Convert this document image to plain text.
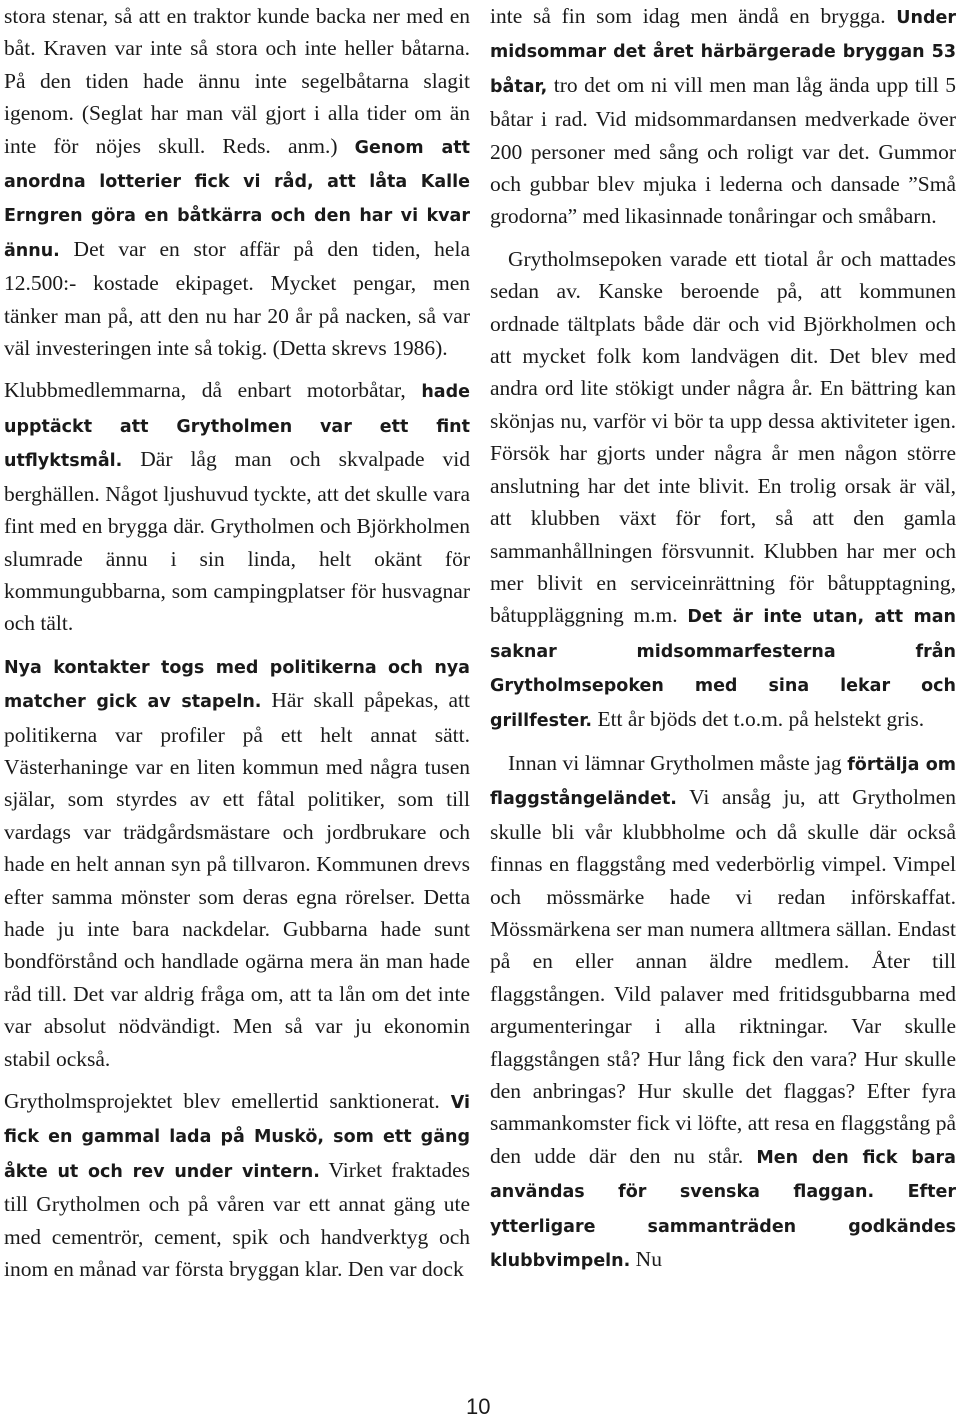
stora stenar, så att en traktor kunde backa ner med en båt. Kraven var inte så stora och inte heller båtarna. På den tiden hade ännu inte segelbåtarna slagit igenom. (Seglat har man väl gjort i alla tider om än inte för nöjes skull. Reds. anm.) Genom att anordna lotterier fick vi råd, att låta Kalle Erngren göra en båtkärra och den har vi kvar ännu. Det var en stor affär på den tiden, hela 12.500:- kostade ekipaget. Mycket pengar, men tänker man på, att den nu har 20 år på nacken, så var väl investeringen inte så tokig. (Detta skrevs 1986).

Klubbmedlemmarna, då enbart motorbåtar, hade upptäckt att Grytholmen var ett fint utflyktsmål. Där låg man och skvalpade vid berghällen. Något ljushuvud tyckte, att det skulle vara fint med en brygga där. Grytholmen och Björkholmen slumrade ännu i sin linda, helt okänt för kommungubbarna, som campingplatser för husvagnar och tält.

Nya kontakter togs med politikerna och nya matcher gick av stapeln. Här skall påpekas, att politikerna var profiler på ett helt annat sätt. Västerhaninge var en liten kommun med några tusen själar, som styrdes av ett fåtal politiker, som till vardags var trädgårdsmästare och jordbrukare och hade en helt annan syn på tillvaron. Kommunen drevs efter samma mönster som deras egna rörelser. Detta hade ju inte bara nackdelar. Gubbarna hade sunt bondförstånd och handlade ogärna mera än man hade råd till. Det var aldrig fråga om, att ta lån om det inte var absolut nödvändigt. Men så var ju ekonomin stabil också.

Grytholmsprojektet blev emellertid sanktionerat. Vi fick en gammal lada på Muskö, som ett gäng åkte ut och rev under vintern. Virket fraktades till Grytholmen och på våren var ett annat gäng ute med cementrör, cement, spik och handverktyg och inom en månad var första bryggan klar. Den var dock

inte så fin som idag men ändå en brygga. Under midsommar det året härbärgerade bryggan 53 båtar, tro det om ni vill men man låg ända upp till 5 båtar i rad. Vid midsommardansen medverkade över 200 personer med sång och roligt var det. Gummor och gubbar blev mjuka i lederna och dansade ”Små grodorna” med likasinnade tonåringar och småbarn.

Grytholmsepoken varade ett tiotal år och mattades sedan av. Kanske beroende på, att kommunen ordnade tältplats både där och vid Björkholmen och att mycket folk kom landvägen dit. Det blev med andra ord lite stökigt under några år. En bättring kan skönjas nu, varför vi bör ta upp dessa aktiviteter igen. Försök har gjorts under några år men någon större anslutning har det inte blivit. En trolig orsak är väl, att klubben växt för fort, så att den gamla sammanhållningen försvunnit. Klubben har mer och mer blivit en serviceinrättning för båtupptagning, båtuppläggning m.m. Det är inte utan, att man saknar midsommarfesterna från Grytholmsepoken med sina lekar och grillfester. Ett år bjöds det t.o.m. på helstekt gris.

Innan vi lämnar Grytholmen måste jag förtälja om flaggstångeländet. Vi ansåg ju, att Grytholmen skulle bli vår klubbholme och då skulle där också finnas en flaggstång med vederbörlig vimpel. Vimpel och mössmärke hade vi redan införskaffat. Mössmärkena ser man numera alltmera sällan. Endast på en eller annan äldre medlem. Åter till flaggstången. Vild palaver med fritidsgubbarna med argumenteringar i alla riktningar. Var skulle flaggstången stå? Hur lång fick den vara? Hur skulle den anbringas? Hur skulle det flaggas? Efter fyra sammankomster fick vi löfte, att resa en flaggstång på den udde där den nu står. Men den fick bara användas för svenska flaggan. Efter ytterligare sammanträden godkändes klubbvimpeln. Nu

10
